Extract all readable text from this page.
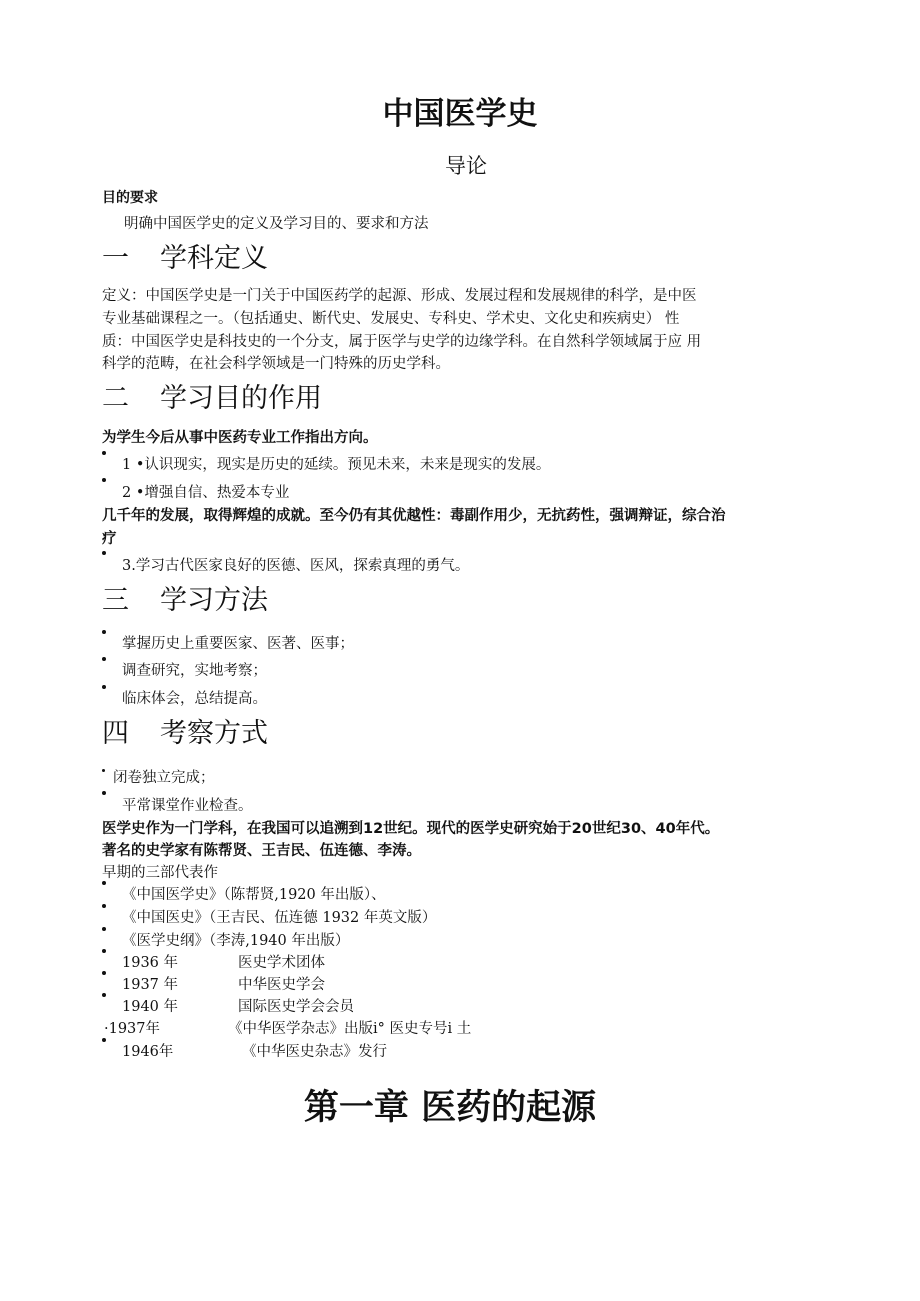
中国医学史
导论
目的要求
明确中国医学史的定义及学习目的、要求和方法
一	学科定义
定义：中国医学史是一门关于中国医药学的起源、形成、发展过程和发展规律的科学，是中医
专业基础课程之一。（包括通史、断代史、发展史、专科史、学术史、文化史和疾病史） 性
质：中国医学史是科技史的一个分支，属于医学与史学的边缘学科。在自然科学领域属于应 用
科学的范畴，在社会科学领域是一门特殊的历史学科。
二	学习目的作用
为学生今后从事中医药专业工作指出方向。
1 •认识现实，现实是历史的延续。预见未来，未来是现实的发展。
2 •增强自信、热爱本专业
几千年的发展，取得辉煌的成就。至今仍有其优越性：毒副作用少，无抗药性，强调辩证，综合治
疗
3.学习古代医家良好的医德、医风，探索真理的勇气。
三	学习方法
掌握历史上重要医家、医著、医事；
调查研究，实地考察；
临床体会，总结提高。
四	考察方式
闭卷独立完成；
平常课堂作业检查。
医学史作为一门学科，在我国可以追溯到12世纪。现代的医学史研究始于20世纪30、40年代。
著名的史学家有陈帮贤、王吉民、伍连德、李涛。
早期的三部代表作
《中国医学史》（陈帮贤,1920 年出版）、
《中国医史》（王吉民、伍连德 1932 年英文版）
《医学史纲》（李涛,1940 年出版）
1936 年	医史学术团体
1937 年	中华医史学会
1940 年	国际医史学会会员
·1937年	《中华医学杂志》出版i° 医史专号i 土
1946年	《中华医史杂志》发行
第一章 医药的起源
